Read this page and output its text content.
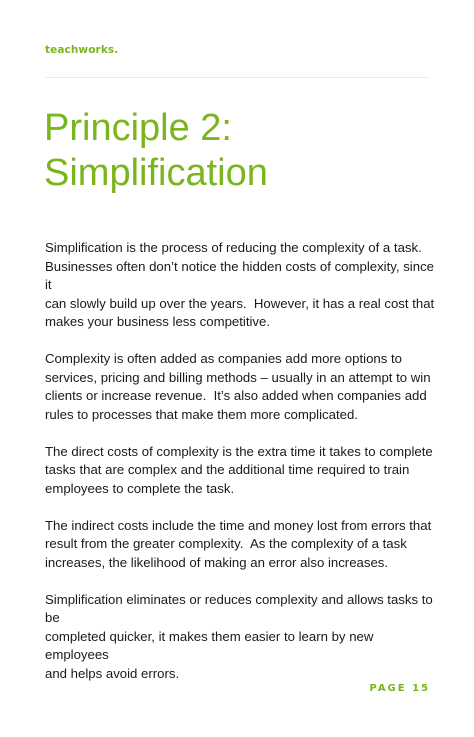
teachworks.
Principle 2:
Simplification

Simplification is the process of reducing the complexity of a task.
Businesses often don’t notice the hidden costs of complexity, since it
can slowly build up over the years.  However, it has a real cost that
makes your business less competitive.

Complexity is often added as companies add more options to
services, pricing and billing methods – usually in an attempt to win
clients or increase revenue.  It’s also added when companies add
rules to processes that make them more complicated.

The direct costs of complexity is the extra time it takes to complete
tasks that are complex and the additional time required to train
employees to complete the task.

The indirect costs include the time and money lost from errors that
result from the greater complexity.  As the complexity of a task
increases, the likelihood of making an error also increases.

Simplification eliminates or reduces complexity and allows tasks to be
completed quicker, it makes them easier to learn by new employees
and helps avoid errors.

PAGE 15
